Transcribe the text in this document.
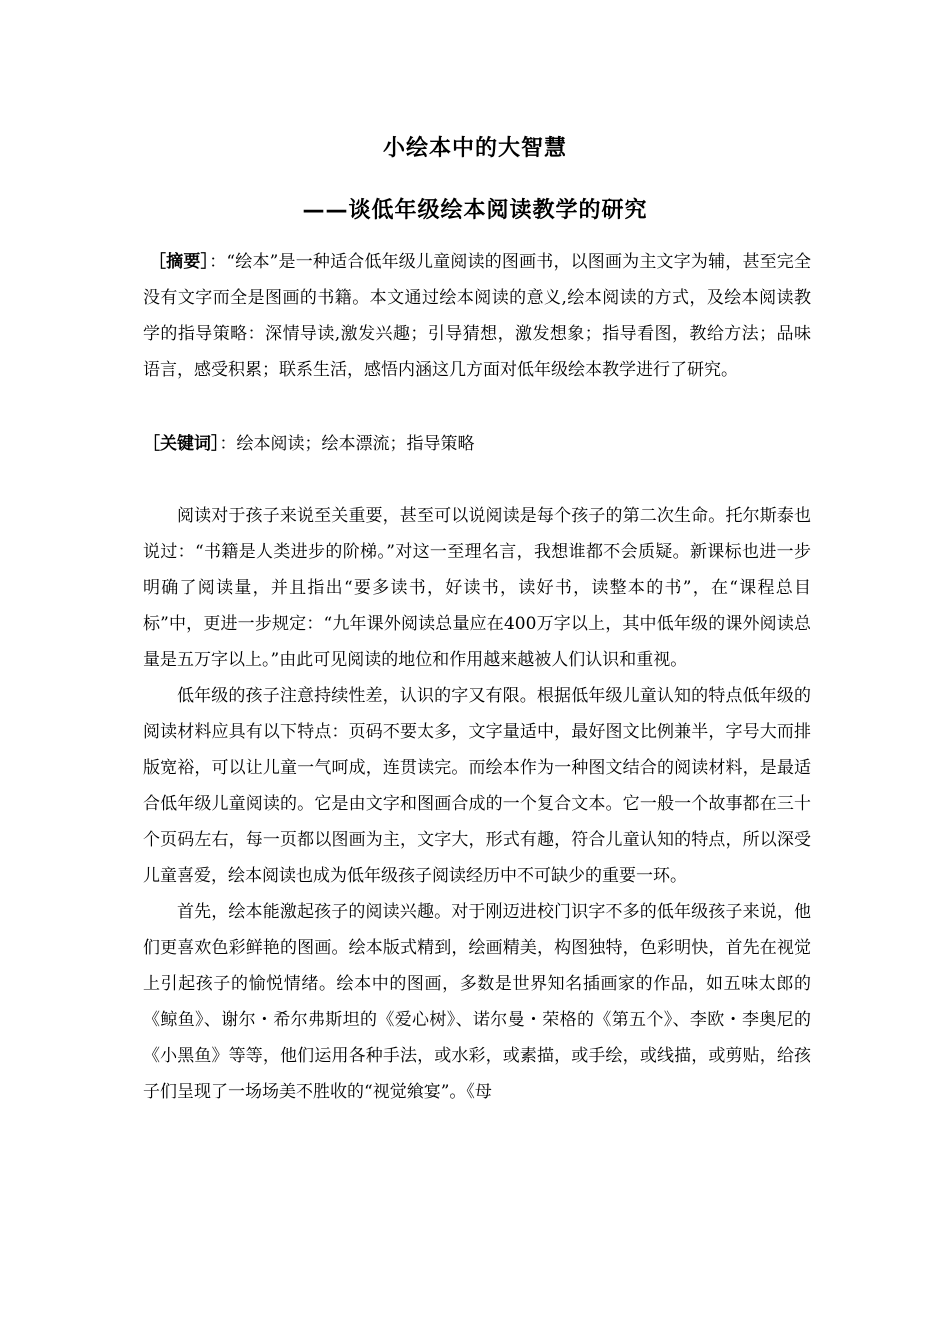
小绘本中的大智慧
——谈低年级绘本阅读教学的研究
［摘要］：“绘本”是一种适合低年级儿童阅读的图画书，以图画为主文字为辅，甚至完全没有文字而全是图画的书籍。本文通过绘本阅读的意义,绘本阅读的方式，及绘本阅读教学的指导策略：深情导读,激发兴趣；引导猜想，激发想象；指导看图，教给方法；品味语言，感受积累；联系生活，感悟内涵这几方面对低年级绘本教学进行了研究。
［关键词］：绘本阅读；绘本漂流；指导策略

阅读对于孩子来说至关重要，甚至可以说阅读是每个孩子的第二次生命。托尔斯泰也说过：“书籍是人类进步的阶梯。”对这一至理名言，我想谁都不会质疑。新课标也进一步明确了阅读量，并且指出“要多读书，好读书，读好书，读整本的书”，在“课程总目标”中，更进一步规定：“九年课外阅读总量应在400万字以上，其中低年级的课外阅读总量是五万字以上。”由此可见阅读的地位和作用越来越被人们认识和重视。

低年级的孩子注意持续性差，认识的字又有限。根据低年级儿童认知的特点低年级的阅读材料应具有以下特点：页码不要太多，文字量适中，最好图文比例兼半，字号大而排版宽裕，可以让儿童一气呵成，连贯读完。而绘本作为一种图文结合的阅读材料，是最适合低年级儿童阅读的。它是由文字和图画合成的一个复合文本。它一般一个故事都在三十个页码左右，每一页都以图画为主，文字大，形式有趣，符合儿童认知的特点，所以深受儿童喜爱，绘本阅读也成为低年级孩子阅读经历中不可缺少的重要一环。

首先，绘本能激起孩子的阅读兴趣。对于刚迈进校门识字不多的低年级孩子来说，他们更喜欢色彩鲜艳的图画。绘本版式精到，绘画精美，构图独特，色彩明快，首先在视觉上引起孩子的愉悦情绪。绘本中的图画，多数是世界知名插画家的作品，如五味太郎的《鲸鱼》、谢尔・希尔弗斯坦的《爱心树》、诺尔曼・荣格的《第五个》、李欧・李奥尼的《小黑鱼》等等，他们运用各种手法，或水彩，或素描，或手绘，或线描，或剪贴，给孩子们呈现了一场场美不胜收的“视觉飨宴”。《母
